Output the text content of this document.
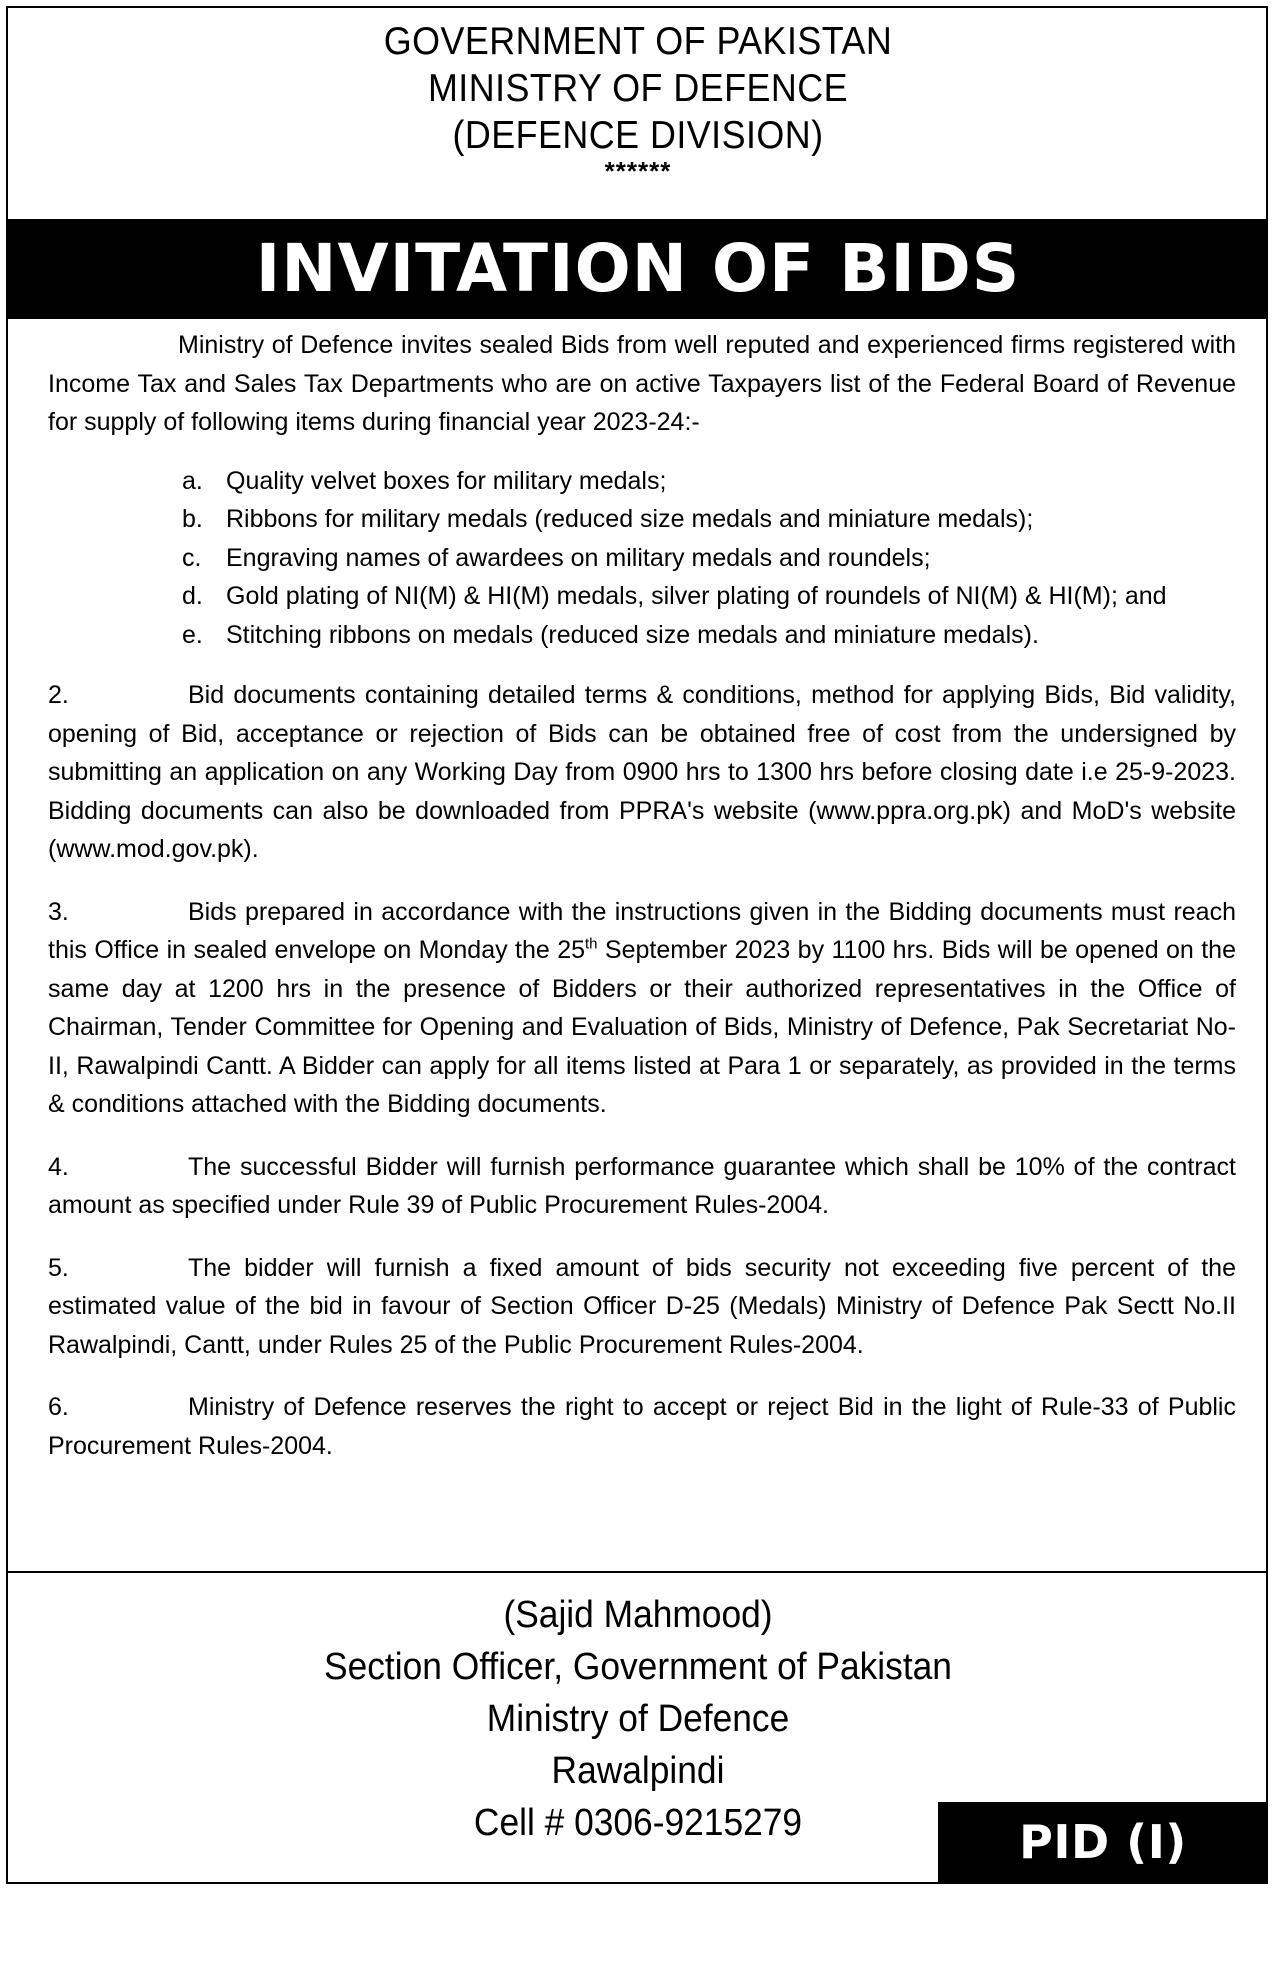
GOVERNMENT OF PAKISTAN
MINISTRY OF DEFENCE
(DEFENCE DIVISION)
******
INVITATION OF BIDS

Ministry of Defence invites sealed Bids from well reputed and experienced firms registered with Income Tax and Sales Tax Departments who are on active Taxpayers list of the Federal Board of Revenue for supply of following items during financial year 2023-24:-

a. Quality velvet boxes for military medals;
b. Ribbons for military medals (reduced size medals and miniature medals);
c. Engraving names of awardees on military medals and roundels;
d. Gold plating of NI(M) & HI(M) medals, silver plating of roundels of NI(M) & HI(M); and
e. Stitching ribbons on medals (reduced size medals and miniature medals).

2.	Bid documents containing detailed terms & conditions, method for applying Bids, Bid validity, opening of Bid, acceptance or rejection of Bids can be obtained free of cost from the undersigned by submitting an application on any Working Day from 0900 hrs to 1300 hrs before closing date i.e 25-9-2023. Bidding documents can also be downloaded from PPRA's website (www.ppra.org.pk) and MoD's website (www.mod.gov.pk).

3.	Bids prepared in accordance with the instructions given in the Bidding documents must reach this Office in sealed envelope on Monday the 25th September 2023 by 1100 hrs. Bids will be opened on the same day at 1200 hrs in the presence of Bidders or their authorized representatives in the Office of Chairman, Tender Committee for Opening and Evaluation of Bids, Ministry of Defence, Pak Secretariat No-II, Rawalpindi Cantt. A Bidder can apply for all items listed at Para 1 or separately, as provided in the terms & conditions attached with the Bidding documents.

4.	The successful Bidder will furnish performance guarantee which shall be 10% of the contract amount as specified under Rule 39 of Public Procurement Rules-2004.

5.	The bidder will furnish a fixed amount of bids security not exceeding five percent of the estimated value of the bid in favour of Section Officer D-25 (Medals) Ministry of Defence Pak Sectt No.II Rawalpindi, Cantt, under Rules 25 of the Public Procurement Rules-2004.

6.	Ministry of Defence reserves the right to accept or reject Bid in the light of Rule-33 of Public Procurement Rules-2004.

(Sajid Mahmood)
Section Officer, Government of Pakistan
Ministry of Defence
Rawalpindi
Cell # 0306-9215279	PID (I) 1492/23
